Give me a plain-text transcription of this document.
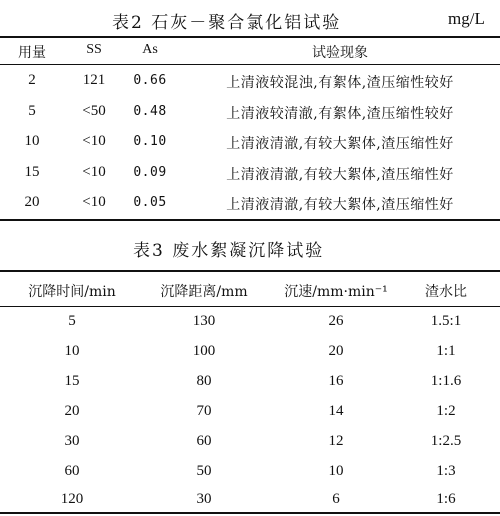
表2 石灰－聚合氯化铝试验	mg/L
用量	SS	As	试验现象
2	121 0.66	上清液较混浊,有絮体,渣压缩性较好
5	<50 0.48	上清液较清澈,有絮体,渣压缩性较好
10	<10 0.10	上清液清澈,有较大絮体,渣压缩性好
15	<10 0.09	上清液清澈,有较大絮体,渣压缩性好
20	<10 0.05	上清液清澈,有较大絮体,渣压缩性好
表3 废水絮凝沉降试验
沉降时间/min	沉降距离/mm	沉速/mm·min⁻¹	渣水比
5	130	26	1.5:1
10	100	20	1:1
15	80	16	1:1.6
20	70	14	1:2
30	60	12	1:2.5
60	50	10	1:3
120	30	6	1:6
